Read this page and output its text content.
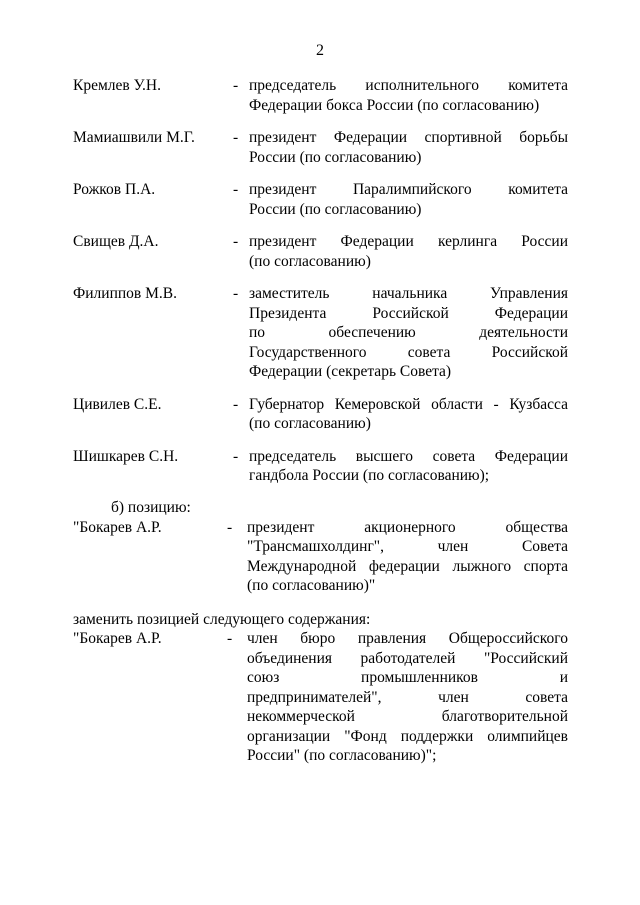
2
Кремлев У.Н.	- председатель исполнительного комитета
Федерации бокса России (по согласованию)
Мамиашвили М.Г.	- президент Федерации спортивной борьбы
России (по согласованию)
Рожков П.А.	- президент Паралимпийского комитета
России (по согласованию)
Свищев Д.А.	- президент Федерации керлинга России
(по согласованию)
Филиппов М.В.	- заместитель начальника Управления
Президента Российской Федерации
по обеспечению деятельности
Государственного совета Российской
Федерации (секретарь Совета)
Цивилев С.Е.	- Губернатор Кемеровской области - Кузбасса
(по согласованию)
Шишкарев С.Н.	- председатель высшего совета Федерации
гандбола России (по согласованию);
б) позицию:
"Бокарев А.Р.	- президент акционерного общества
"Трансмашхолдинг", член Совета
Международной федерации лыжного спорта
(по согласованию)"
заменить позицией следующего содержания:
"Бокарев А.Р.	- член бюро правления Общероссийского
объединения работодателей "Российский
союз промышленников и
предпринимателей", член совета
некоммерческой благотворительной
организации "Фонд поддержки олимпийцев
России" (по согласованию)";
